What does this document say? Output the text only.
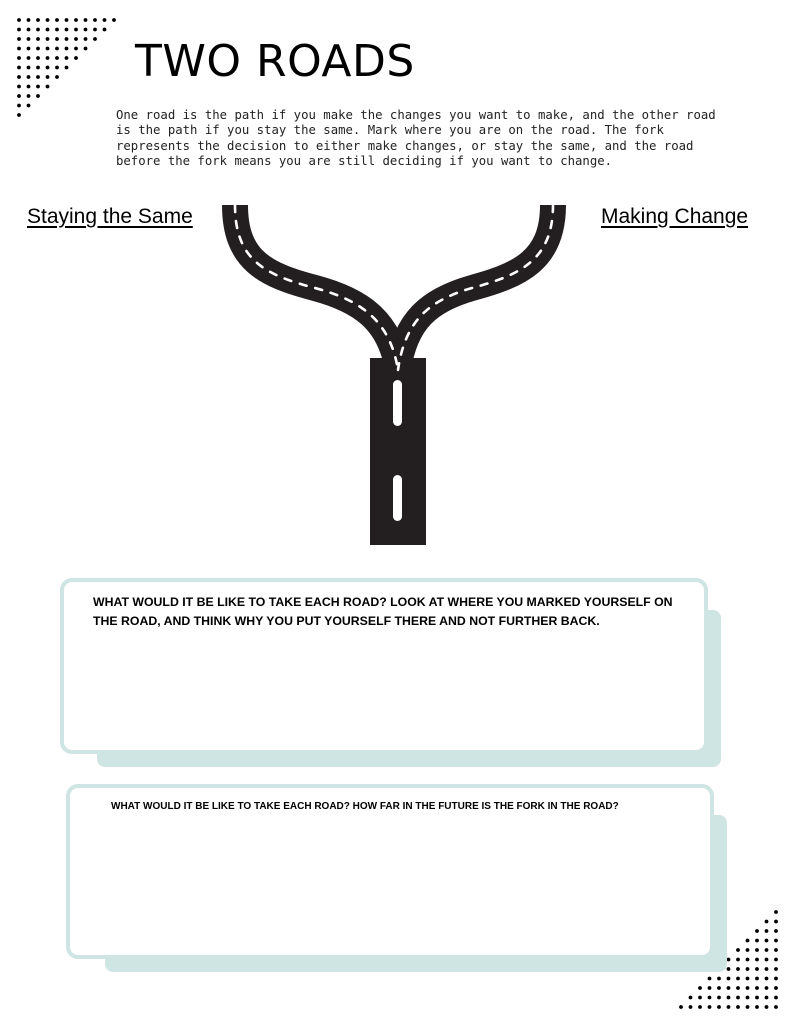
TWO ROADS

One road is the path if you make the changes you want to make, and the other road is the path if you stay the same. Mark where you are on the road. The fork represents the decision to either make changes, or stay the same, and the road before the fork means you are still deciding if you want to change.

Staying the Same	Making Change

WHAT WOULD IT BE LIKE TO TAKE EACH ROAD? LOOK AT WHERE YOU MARKED YOURSELF ON THE ROAD, AND THINK WHY YOU PUT YOURSELF THERE AND NOT FURTHER BACK.

WHAT WOULD IT BE LIKE TO TAKE EACH ROAD? HOW FAR IN THE FUTURE IS THE FORK IN THE ROAD?
